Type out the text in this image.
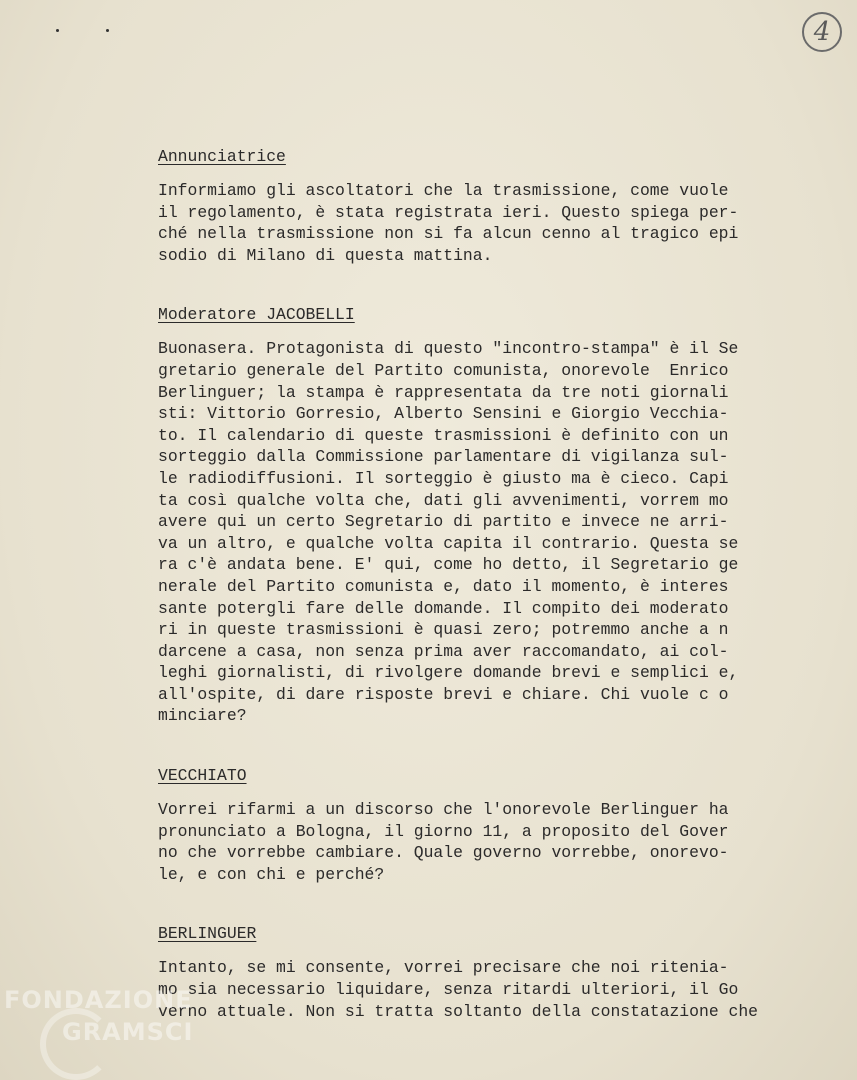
4

Annunciatrice

Informiamo gli ascoltatori che la trasmissione, come vuole
il regolamento, è stata registrata ieri. Questo spiega per-
ché nella trasmissione non si fa alcun cenno al tragico epi
sodio di Milano di questa mattina.

Moderatore JACOBELLI

Buonasera. Protagonista di questo "incontro-stampa" è il Se
gretario generale del Partito comunista, onorevole  Enrico
Berlinguer; la stampa è rappresentata da tre noti giornali
sti: Vittorio Gorresio, Alberto Sensini e Giorgio Vecchia-
to. Il calendario di queste trasmissioni è definito con un
sorteggio dalla Commissione parlamentare di vigilanza sul-
le radiodiffusioni. Il sorteggio è giusto ma è cieco. Capi
ta così qualche volta che, dati gli avvenimenti, vorrem mo
avere qui un certo Segretario di partito e invece ne arri-
va un altro, e qualche volta capita il contrario. Questa se
ra c'è andata bene. E' qui, come ho detto, il Segretario ge
nerale del Partito comunista e, dato il momento, è interes
sante potergli fare delle domande. Il compito dei moderato
ri in queste trasmissioni è quasi zero; potremmo anche a n
darcene a casa, non senza prima aver raccomandato, ai col-
leghi giornalisti, di rivolgere domande brevi e semplici e,
all'ospite, di dare risposte brevi e chiare. Chi vuole c o
minciare?

VECCHIATO

Vorrei rifarmi a un discorso che l'onorevole Berlinguer ha
pronunciato a Bologna, il giorno 11, a proposito del Gover
no che vorrebbe cambiare. Quale governo vorrebbe, onorevo-
le, e con chi e perché?

BERLINGUER

Intanto, se mi consente, vorrei precisare che noi ritenia-
mo sia necessario liquidare, senza ritardi ulteriori, il Go
verno attuale. Non si tratta soltanto della constatazione che
FONDAZIONE
GRAMSCI
